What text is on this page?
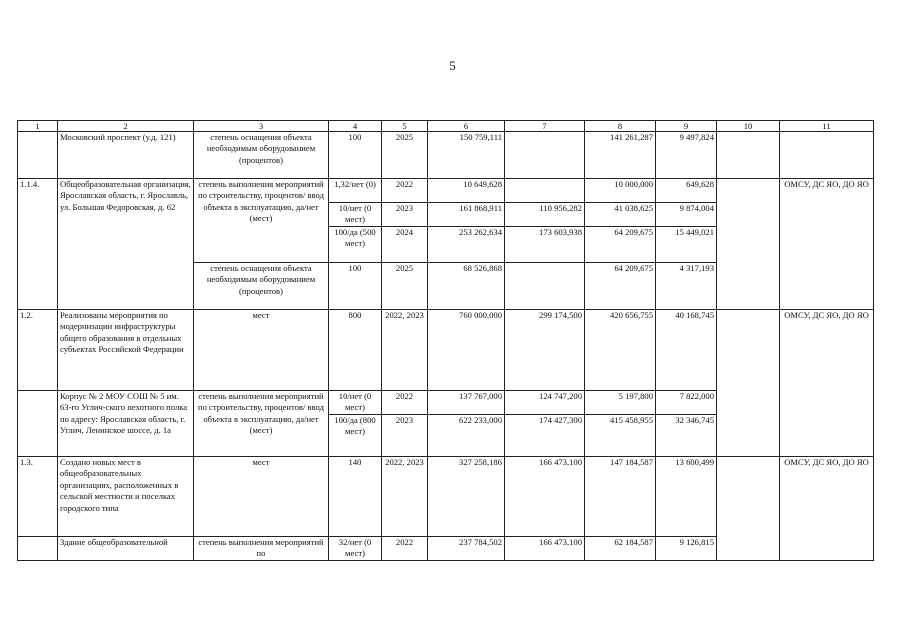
5
1	2	3	4	5	6	7	8	9	10	11
	Московский проспект (у.д. 121)	степень оснащения объекта необходимым оборудованием (процентов)	100	2025	150 759,111		141 261,287	9 497,824		
1.1.4.	Общеобразовательная организация, Ярославская область, г. Ярославль, ул. Большая Федоровская, д. 62	степень выполнения мероприятий по строительству, процентов/ ввод объекта в эксплуатацию, да/нет (мест)	1,32/нет (0)	2022	10 649,628		10 000,000	649,628		ОМСУ, ДС ЯО, ДО ЯО
			10/нет (0 мест)	2023	161 868,911	110 956,282	41 038,625	9 874,004		
			100/да (500 мест)	2024	253 262,634	173 603,938	64 209,675	15 449,021		
		степень оснащения объекта необходимым оборудованием (процентов)	100	2025	68 526,868		64 209,675	4 317,193		
1.2.	Реализованы мероприятия по модернизации инфраструктуры общего образования в отдельных субъектах Российской Федерации	мест	800	2022, 2023	760 000,000	299 174,500	420 656,755	40 168,745		ОМСУ, ДС ЯО, ДО ЯО
	Корпус № 2 МОУ СОШ № 5 им. 63-го Углич-ского пехотного полка по адресу: Ярославская область, г. Углич, Ленинское шоссе, д. 1а	степень выполнения мероприятий по строительству, процентов/ ввод объекта в эксплуатацию, да/нет (мест)	10/нет (0 мест)	2022	137 767,000	124 747,200	5 197,800	7 822,000		
			100/да (800 мест)	2023	622 233,000	174 427,300	415 458,955	32 346,745		
1.3.	Создано новых мест в общеобразовательных организациях, расположенных в сельской местности и поселках городского типа	мест	140	2022, 2023	327 258,186	166 473,100	147 184,587	13 600,499		ОМСУ, ДС ЯО, ДО ЯО
	Здание общеобразовательной	степень выполнения мероприятий по	32/нет (0 мест)	2022	237 784,502	166 473,100	62 184,587	9 126,815		
